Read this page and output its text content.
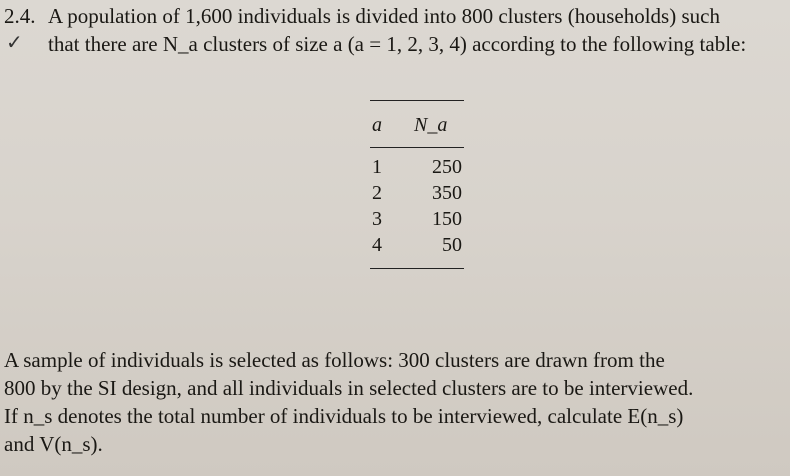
2.4. A population of 1,600 individuals is divided into 800 clusters (households) such
that there are N_a clusters of size a (a = 1, 2, 3, 4) according to the following table:
✓
a	N_a
1	250
2	350
3	150
4	50
A sample of individuals is selected as follows: 300 clusters are drawn from the
800 by the SI design, and all individuals in selected clusters are to be interviewed.
If n_s denotes the total number of individuals to be interviewed, calculate E(n_s)
and V(n_s).
